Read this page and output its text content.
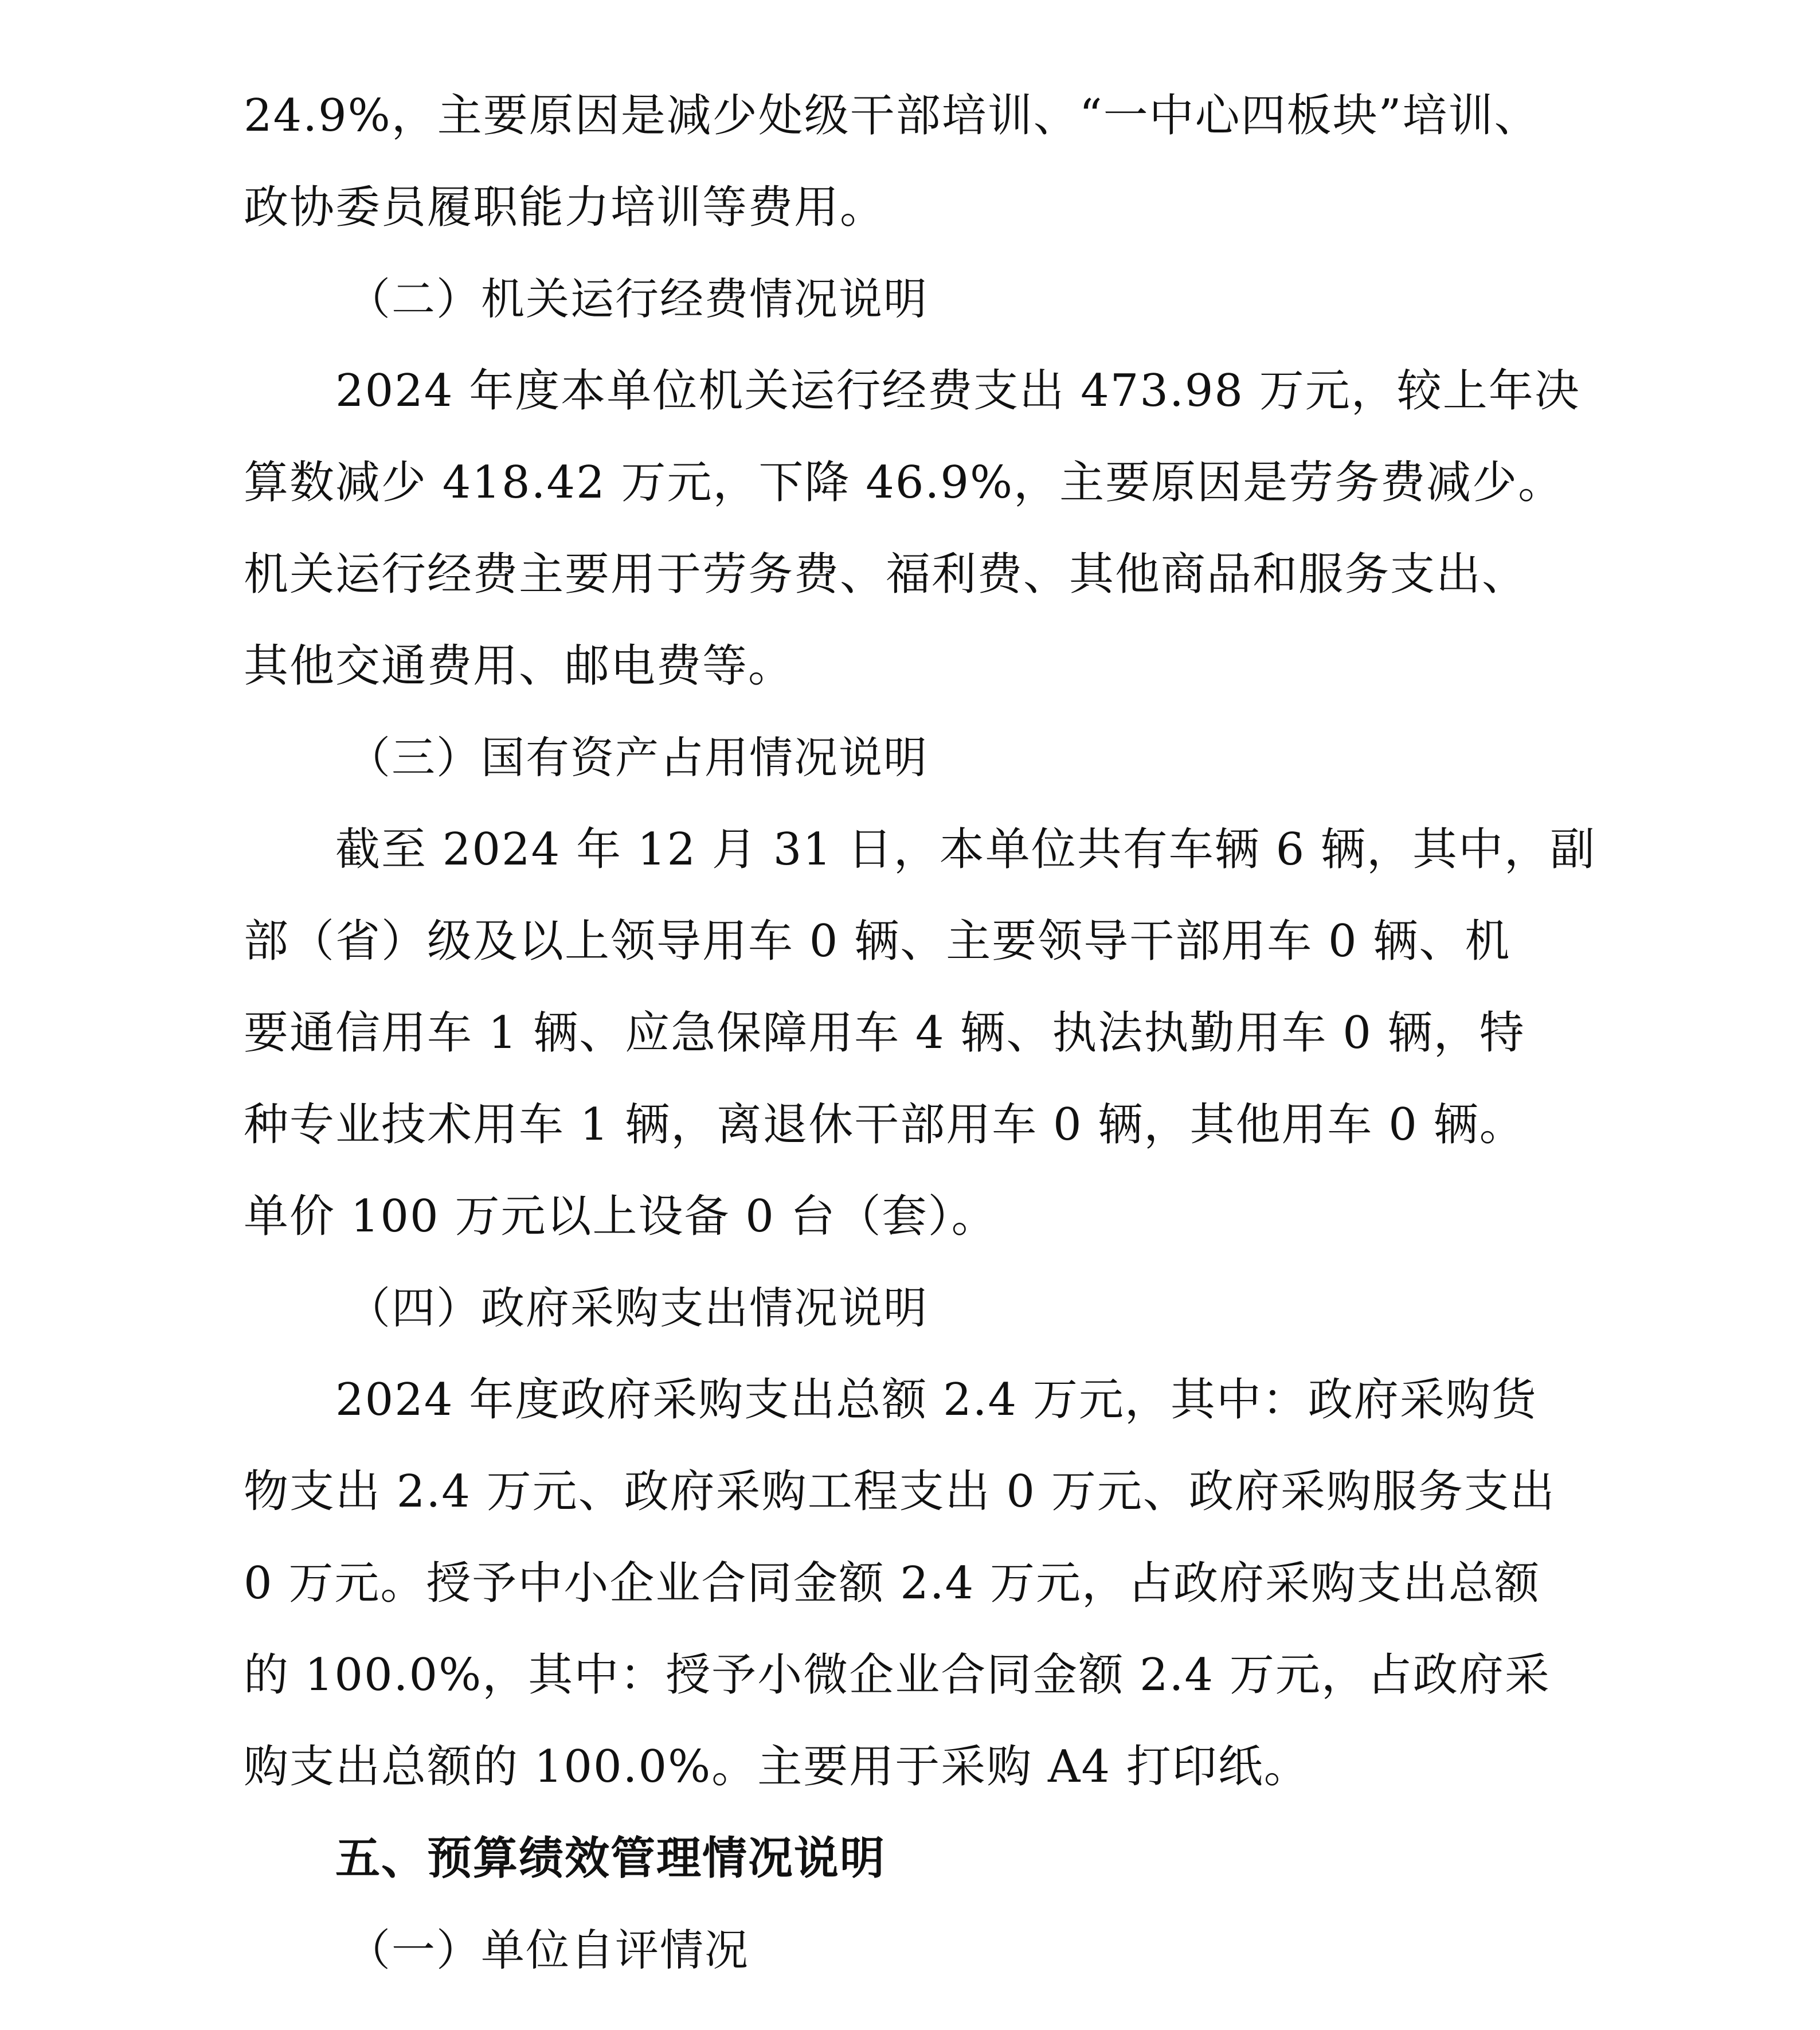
24.9%，主要原因是减少处级干部培训、“一中心四板块”培训、
政协委员履职能力培训等费用。
（二）机关运行经费情况说明
2024 年度本单位机关运行经费支出 473.98 万元，较上年决
算数减少 418.42 万元，下降 46.9%，主要原因是劳务费减少。
机关运行经费主要用于劳务费、福利费、其他商品和服务支出、
其他交通费用、邮电费等。
（三）国有资产占用情况说明
截至 2024 年 12 月 31 日，本单位共有车辆 6 辆，其中，副
部（省）级及以上领导用车 0 辆、主要领导干部用车 0 辆、机
要通信用车 1 辆、应急保障用车 4 辆、执法执勤用车 0 辆，特
种专业技术用车 1 辆，离退休干部用车 0 辆，其他用车 0 辆。
单价 100 万元以上设备 0 台（套）。
（四）政府采购支出情况说明
2024 年度政府采购支出总额 2.4 万元，其中：政府采购货
物支出 2.4 万元、政府采购工程支出 0 万元、政府采购服务支出
0 万元。授予中小企业合同金额 2.4 万元，占政府采购支出总额
的 100.0%，其中：授予小微企业合同金额 2.4 万元，占政府采
购支出总额的 100.0%。主要用于采购 A4 打印纸。
五、预算绩效管理情况说明
（一）单位自评情况
